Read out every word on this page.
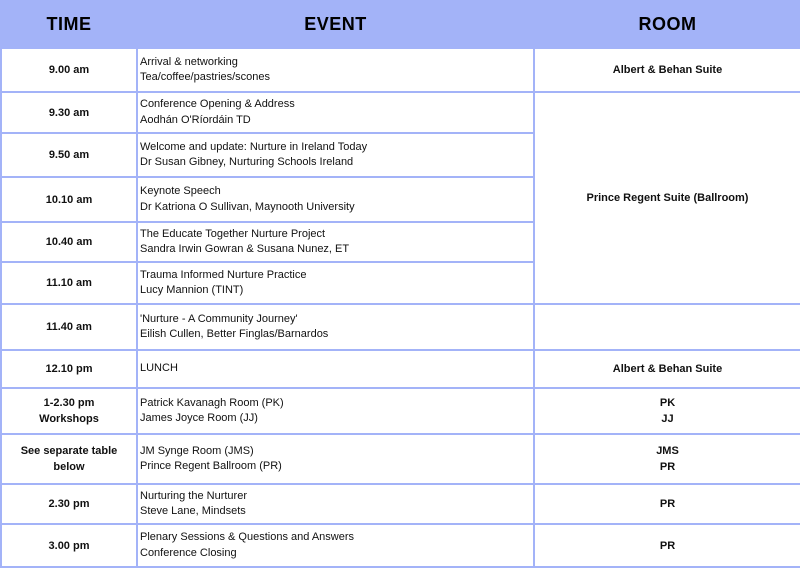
TIME	EVENT	ROOM

9.00 am	Arrival & networking
Tea/coffee/pastries/scones	Albert & Behan Suite

9.30 am	Conference Opening & Address
Aodhán O'Ríordáin TD	Prince Regent Suite (Ballroom)

9.50 am	Welcome and update: Nurture in Ireland Today
Dr Susan Gibney, Nurturing Schools Ireland	

10.10 am	Keynote Speech
Dr Katriona O Sullivan, Maynooth University	

10.40 am	The Educate Together Nurture Project
Sandra Irwin Gowran & Susana Nunez, ET	

11.10 am	Trauma Informed Nurture Practice
Lucy Mannion (TINT)	

11.40 am	'Nurture - A Community Journey'
Eilish Cullen, Better Finglas/Barnardos	

12.10 pm	LUNCH	Albert & Behan Suite

1-2.30 pm
Workshops	Patrick Kavanagh Room (PK)
James Joyce Room (JJ)	PK
JJ

See separate table
below	JM Synge Room (JMS)
Prince Regent Ballroom (PR)	JMS
PR

2.30 pm	Nurturing the Nurturer
Steve Lane, Mindsets	PR

3.00 pm	Plenary Sessions & Questions and Answers
Conference Closing	PR
